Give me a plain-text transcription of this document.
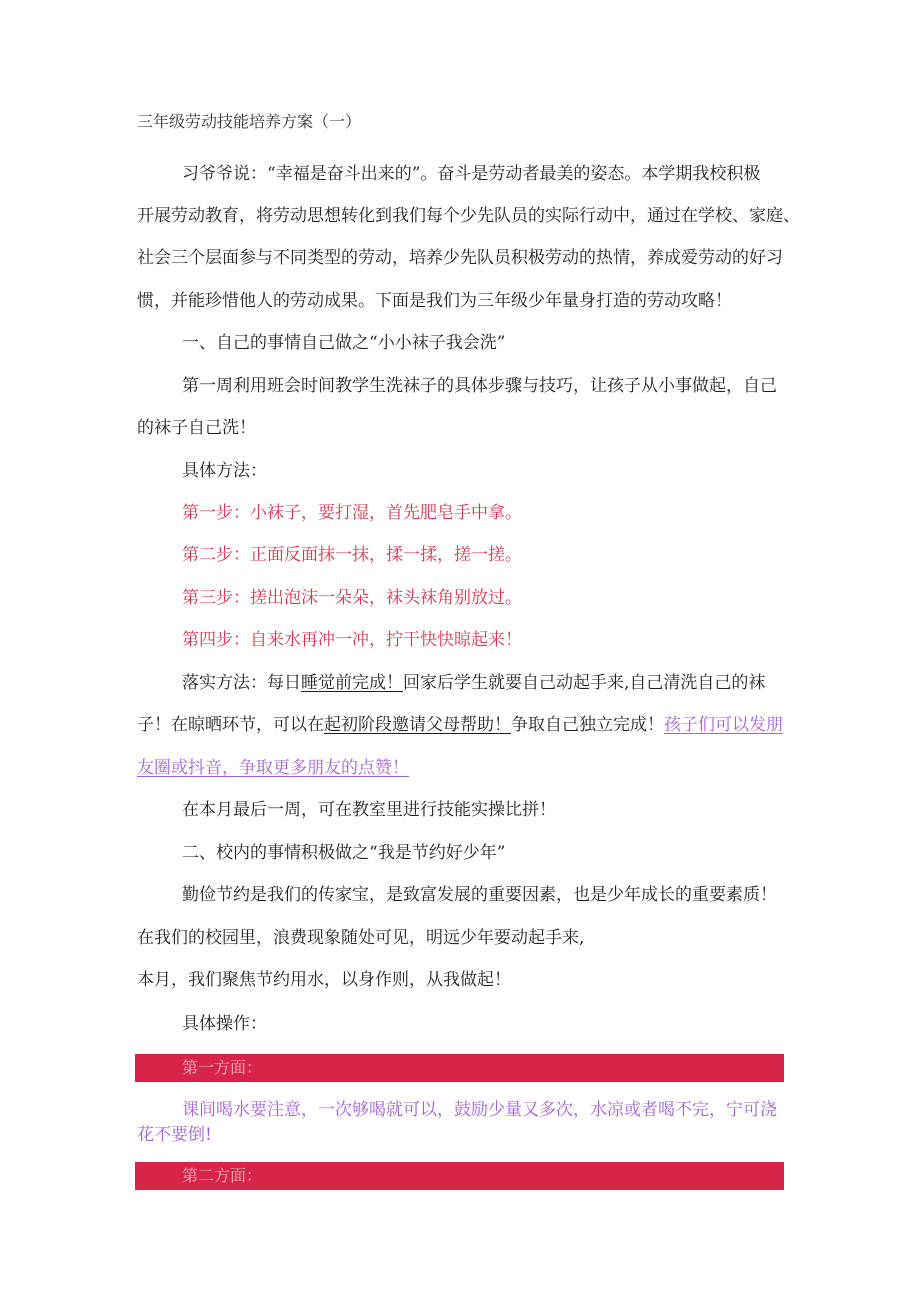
三年级劳动技能培养方案（一）
习爷爷说：“幸福是奋斗出来的”。奋斗是劳动者最美的姿态。本学期我校积极
开展劳动教育，将劳动思想转化到我们每个少先队员的实际行动中，通过在学校、家庭、
社会三个层面参与不同类型的劳动，培养少先队员积极劳动的热情，养成爱劳动的好习
惯，并能珍惜他人的劳动成果。下面是我们为三年级少年量身打造的劳动攻略！
一、自己的事情自己做之“小小袜子我会洗”
第一周利用班会时间教学生洗袜子的具体步骤与技巧，让孩子从小事做起，自己
的袜子自己洗！
具体方法：
第一步：小袜子，要打湿，首先肥皂手中拿。
第二步：正面反面抹一抹，揉一揉，搓一搓。
第三步：搓出泡沫一朵朵，袜头袜角别放过。
第四步：自来水再冲一冲，拧干快快晾起来！
落实方法：每日睡觉前完成！回家后学生就要自己动起手来,自己清洗自己的袜
子！在晾晒环节，可以在起初阶段邀请父母帮助！争取自己独立完成！孩子们可以发朋
友圈或抖音，争取更多朋友的点赞！
在本月最后一周，可在教室里进行技能实操比拼！
二、校内的事情积极做之“我是节约好少年”
勤俭节约是我们的传家宝，是致富发展的重要因素，也是少年成长的重要素质！
在我们的校园里，浪费现象随处可见，明远少年要动起手来,
本月，我们聚焦节约用水，以身作则，从我做起！
具体操作：
第一方面：
课间喝水要注意，一次够喝就可以，鼓励少量又多次，水凉或者喝不完，宁可浇
花不要倒!
第二方面：
